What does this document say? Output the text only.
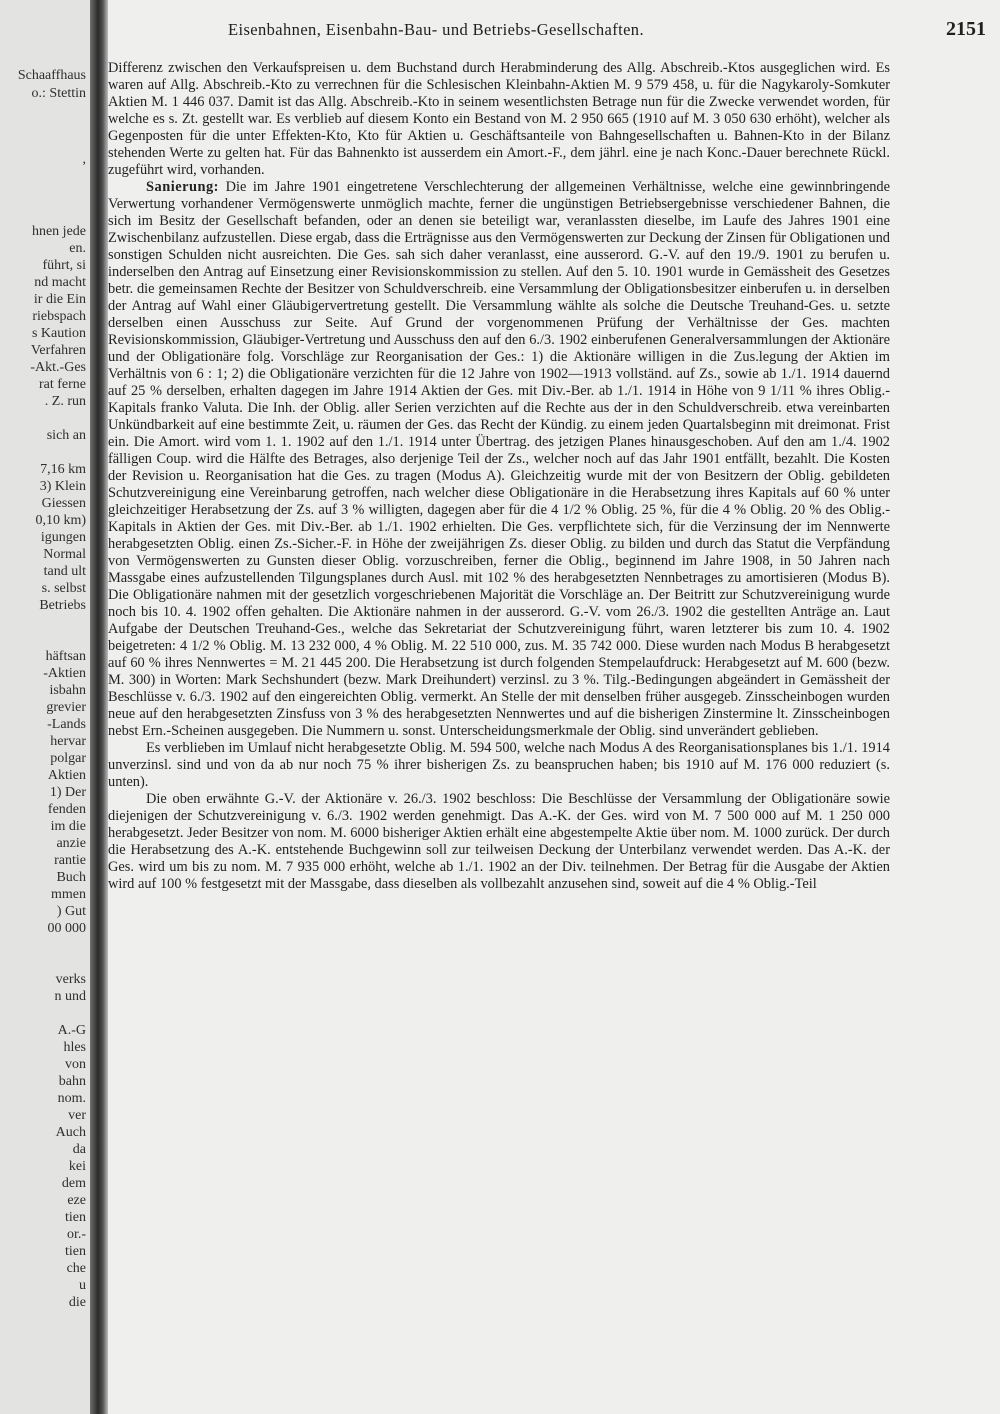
Schaaffhaus

o.: Stettin

,

hnen jede

en.

führt, si

nd macht

ir die Ein

riebspach

s Kaution

Verfahren

-Akt.-Ges

rat ferne

. Z. run

sich an

7,16 km

3) Klein

Giessen

0,10 km)

igungen

Normal

tand ult

s. selbst

Betriebs

häftsan

-Aktien

isbahn

grevier

-Lands

hervar

polgar

Aktien

1) Der

fenden

im die

anzie

rantie

Buch

mmen

) Gut

00 000

verks

n und

A.-G

hles

von

bahn

nom.

ver

Auch

da

kei

dem

eze

tien

or.-

tien

che

u

die

Eisenbahnen, Eisenbahn-Bau- und Betriebs-Gesellschaften.	2151

Differenz zwischen den Verkaufspreisen u. dem Buchstand durch Herabminderung des Allg. Abschreib.-Ktos ausgeglichen wird. Es waren auf Allg. Abschreib.-Kto zu verrechnen für die Schlesischen Kleinbahn-Aktien M. 9 579 458, u. für die Nagykaroly-Somkuter Aktien M. 1 446 037. Damit ist das Allg. Abschreib.-Kto in seinem wesentlichsten Betrage nun für die Zwecke verwendet worden, für welche es s. Zt. gestellt war. Es verblieb auf diesem Konto ein Bestand von M. 2 950 665 (1910 auf M. 3 050 630 erhöht), welcher als Gegenposten für die unter Effekten-Kto, Kto für Aktien u. Geschäftsanteile von Bahngesellschaften u. Bahnen-Kto in der Bilanz stehenden Werte zu gelten hat. Für das Bahnenkto ist ausserdem ein Amort.-F., dem jährl. eine je nach Konc.-Dauer berechnete Rückl. zugeführt wird, vorhanden.

Sanierung: Die im Jahre 1901 eingetretene Verschlechterung der allgemeinen Verhältnisse, welche eine gewinnbringende Verwertung vorhandener Vermögenswerte unmöglich machte, ferner die ungünstigen Betriebsergebnisse verschiedener Bahnen, die sich im Besitz der Gesellschaft befanden, oder an denen sie beteiligt war, veranlassten dieselbe, im Laufe des Jahres 1901 eine Zwischenbilanz aufzustellen. Diese ergab, dass die Erträgnisse aus den Vermögenswerten zur Deckung der Zinsen für Obligationen und sonstigen Schulden nicht ausreichten. Die Ges. sah sich daher veranlasst, eine ausserord. G.-V. auf den 19./9. 1901 zu berufen u. inderselben den Antrag auf Einsetzung einer Revisionskommission zu stellen. Auf den 5. 10. 1901 wurde in Gemässheit des Gesetzes betr. die gemeinsamen Rechte der Besitzer von Schuldverschreib. eine Versammlung der Obligationsbesitzer einberufen u. in derselben der Antrag auf Wahl einer Gläubigervertretung gestellt. Die Versammlung wählte als solche die Deutsche Treuhand-Ges. u. setzte derselben einen Ausschuss zur Seite. Auf Grund der vorgenommenen Prüfung der Verhältnisse der Ges. machten Revisionskommission, Gläubiger-Vertretung und Ausschuss den auf den 6./3. 1902 einberufenen Generalversammlungen der Aktionäre und der Obligationäre folg. Vorschläge zur Reorganisation der Ges.: 1) die Aktionäre willigen in die Zus.legung der Aktien im Verhältnis von 6 : 1; 2) die Obligationäre verzichten für die 12 Jahre von 1902—1913 vollständ. auf Zs., sowie ab 1./1. 1914 dauernd auf 25 % derselben, erhalten dagegen im Jahre 1914 Aktien der Ges. mit Div.-Ber. ab 1./1. 1914 in Höhe von 9 1/11 % ihres Oblig.-Kapitals franko Valuta. Die Inh. der Oblig. aller Serien verzichten auf die Rechte aus der in den Schuldverschreib. etwa vereinbarten Unkündbarkeit auf eine bestimmte Zeit, u. räumen der Ges. das Recht der Kündig. zu einem jeden Quartalsbeginn mit dreimonat. Frist ein. Die Amort. wird vom 1. 1. 1902 auf den 1./1. 1914 unter Übertrag. des jetzigen Planes hinausgeschoben. Auf den am 1./4. 1902 fälligen Coup. wird die Hälfte des Betrages, also derjenige Teil der Zs., welcher noch auf das Jahr 1901 entfällt, bezahlt. Die Kosten der Revision u. Reorganisation hat die Ges. zu tragen (Modus A). Gleichzeitig wurde mit der von Besitzern der Oblig. gebildeten Schutzvereinigung eine Vereinbarung getroffen, nach welcher diese Obligationäre in die Herabsetzung ihres Kapitals auf 60 % unter gleichzeitiger Herabsetzung der Zs. auf 3 % willigten, dagegen aber für die 4 1/2 % Oblig. 25 %, für die 4 % Oblig. 20 % des Oblig.-Kapitals in Aktien der Ges. mit Div.-Ber. ab 1./1. 1902 erhielten. Die Ges. verpflichtete sich, für die Verzinsung der im Nennwerte herabgesetzten Oblig. einen Zs.-Sicher.-F. in Höhe der zweijährigen Zs. dieser Oblig. zu bilden und durch das Statut die Verpfändung von Vermögenswerten zu Gunsten dieser Oblig. vorzuschreiben, ferner die Oblig., beginnend im Jahre 1908, in 50 Jahren nach Massgabe eines aufzustellenden Tilgungsplanes durch Ausl. mit 102 % des herabgesetzten Nennbetrages zu amortisieren (Modus B). Die Obligationäre nahmen mit der gesetzlich vorgeschriebenen Majorität die Vorschläge an. Der Beitritt zur Schutzvereinigung wurde noch bis 10. 4. 1902 offen gehalten. Die Aktionäre nahmen in der ausserord. G.-V. vom 26./3. 1902 die gestellten Anträge an. Laut Aufgabe der Deutschen Treuhand-Ges., welche das Sekretariat der Schutzvereinigung führt, waren letzterer bis zum 10. 4. 1902 beigetreten: 4 1/2 % Oblig. M. 13 232 000, 4 % Oblig. M. 22 510 000, zus. M. 35 742 000. Diese wurden nach Modus B herabgesetzt auf 60 % ihres Nennwertes = M. 21 445 200. Die Herabsetzung ist durch folgenden Stempelaufdruck: Herabgesetzt auf M. 600 (bezw. M. 300) in Worten: Mark Sechshundert (bezw. Mark Dreihundert) verzinsl. zu 3 %. Tilg.-Bedingungen abgeändert in Gemässheit der Beschlüsse v. 6./3. 1902 auf den eingereichten Oblig. vermerkt. An Stelle der mit denselben früher ausgegeb. Zinsscheinbogen wurden neue auf den herabgesetzten Zinsfuss von 3 % des herabgesetzten Nennwertes und auf die bisherigen Zinstermine lt. Zinsscheinbogen nebst Ern.-Scheinen ausgegeben. Die Nummern u. sonst. Unterscheidungsmerkmale der Oblig. sind unverändert geblieben.

Es verblieben im Umlauf nicht herabgesetzte Oblig. M. 594 500, welche nach Modus A des Reorganisationsplanes bis 1./1. 1914 unverzinsl. sind und von da ab nur noch 75 % ihrer bisherigen Zs. zu beanspruchen haben; bis 1910 auf M. 176 000 reduziert (s. unten).

Die oben erwähnte G.-V. der Aktionäre v. 26./3. 1902 beschloss: Die Beschlüsse der Versammlung der Obligationäre sowie diejenigen der Schutzvereinigung v. 6./3. 1902 werden genehmigt. Das A.-K. der Ges. wird von M. 7 500 000 auf M. 1 250 000 herabgesetzt. Jeder Besitzer von nom. M. 6000 bisheriger Aktien erhält eine abgestempelte Aktie über nom. M. 1000 zurück. Der durch die Herabsetzung des A.-K. entstehende Buchgewinn soll zur teilweisen Deckung der Unterbilanz verwendet werden. Das A.-K. der Ges. wird um bis zu nom. M. 7 935 000 erhöht, welche ab 1./1. 1902 an der Div. teilnehmen. Der Betrag für die Ausgabe der Aktien wird auf 100 % festgesetzt mit der Massgabe, dass dieselben als vollbezahlt anzusehen sind, soweit auf die 4 % Oblig.-Teil
